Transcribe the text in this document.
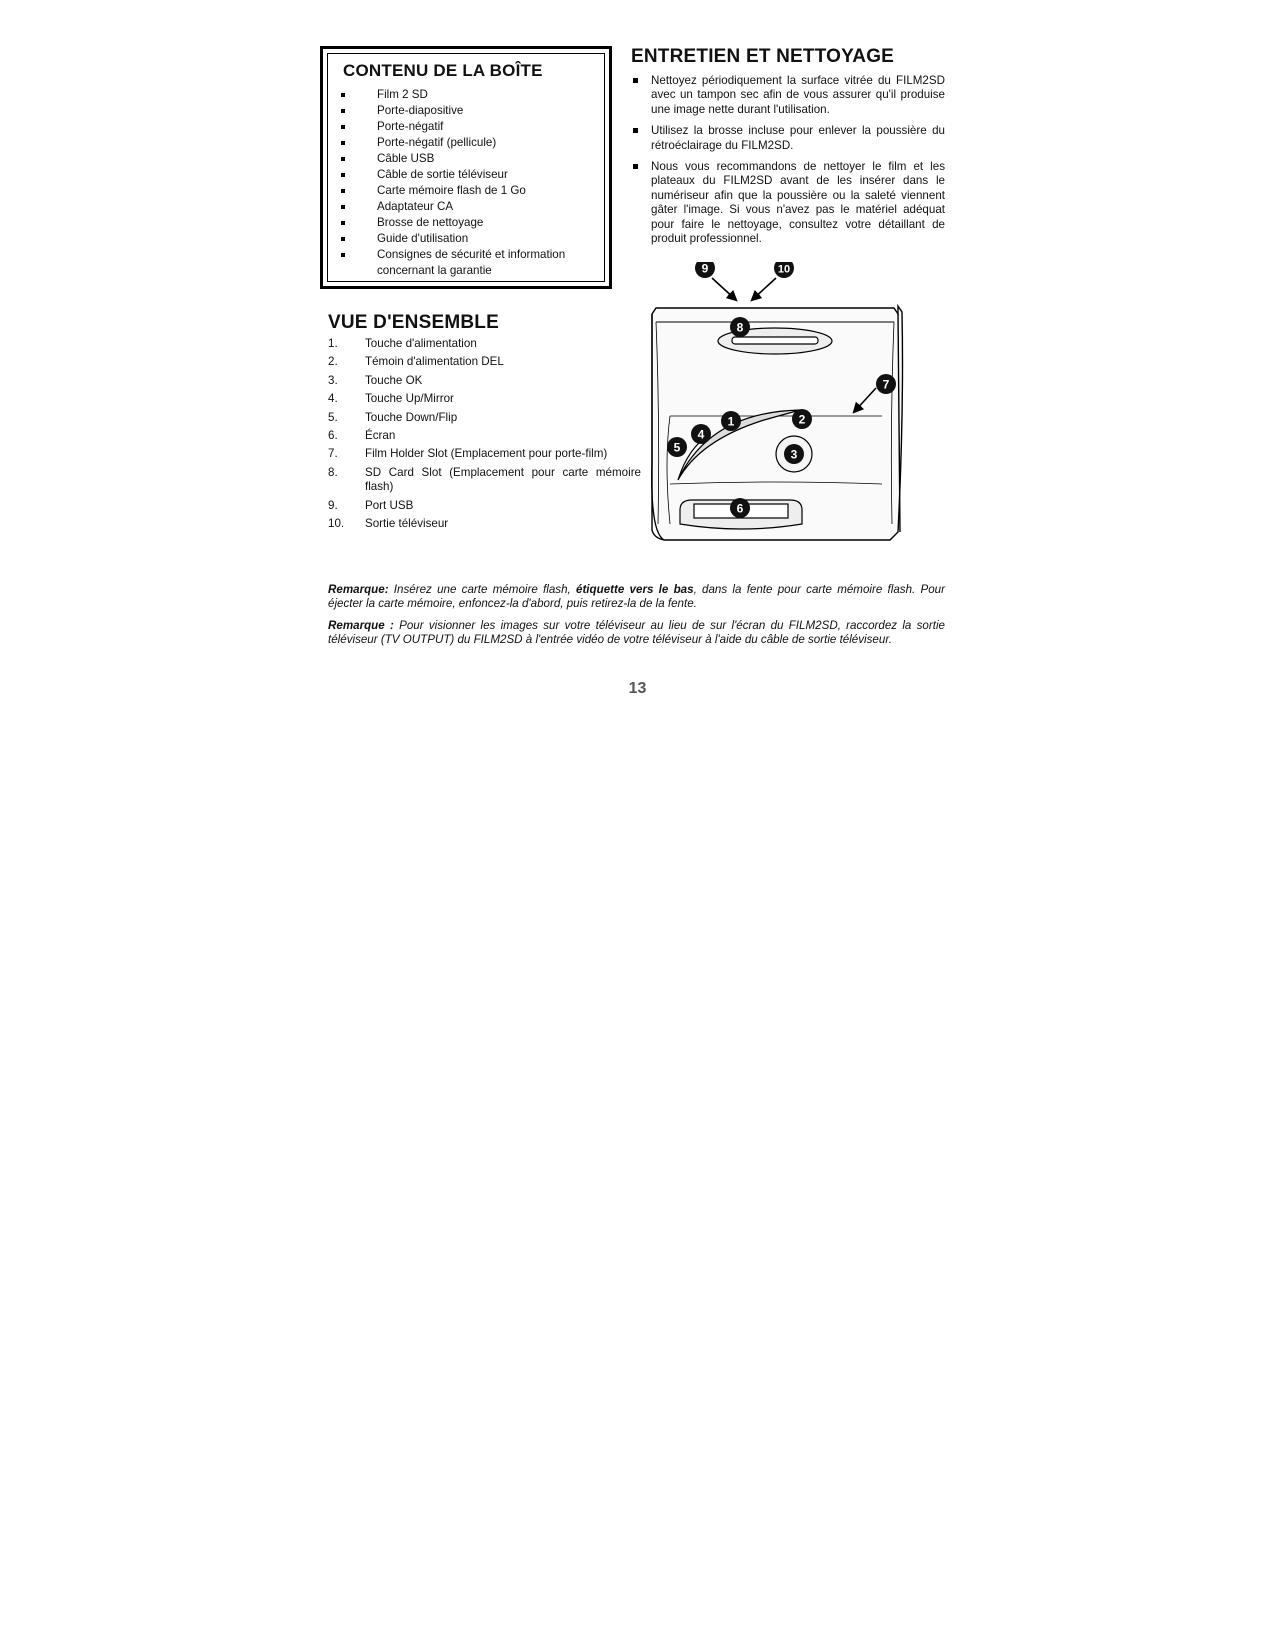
CONTENU DE LA BOÎTE
Film 2 SD
Porte-diapositive
Porte-négatif
Porte-négatif (pellicule)
Câble USB
Câble de sortie téléviseur
Carte mémoire flash de 1 Go
Adaptateur CA
Brosse de nettoyage
Guide d'utilisation
Consignes de sécurité et information concernant la garantie
ENTRETIEN ET NETTOYAGE
Nettoyez périodiquement la surface vitrée du FILM2SD avec un tampon sec afin de vous assurer qu'il produise une image nette durant l'utilisation.
Utilisez la brosse incluse pour enlever la poussière du rétroéclairage du FILM2SD.
Nous vous recommandons de nettoyer le film et les plateaux du FILM2SD avant de les insérer dans le numériseur afin que la poussière ou la saleté viennent gâter l'image. Si vous n'avez pas le matériel adéquat pour faire le nettoyage, consultez votre détaillant de produit professionnel.
VUE D'ENSEMBLE
1.	Touche d'alimentation
2.	Témoin d'alimentation DEL
3.	Touche OK
4.	Touche Up/Mirror
5.	Touche Down/Flip
6.	Écran
7.	Film Holder Slot (Emplacement pour porte-film)
8.	SD Card Slot (Emplacement pour carte mémoire flash)
9.	Port USB
10.	Sortie téléviseur
1	2
3
4
5
6
7
8
9	10

Remarque: Insérez une carte mémoire flash, étiquette vers le bas, dans la fente pour carte mémoire flash. Pour éjecter la carte mémoire, enfoncez-la d'abord, puis retirez-la de la fente.

Remarque : Pour visionner les images sur votre téléviseur au lieu de sur l'écran du FILM2SD, raccordez la sortie téléviseur (TV OUTPUT) du FILM2SD à l'entrée vidéo de votre téléviseur à l'aide du câble de sortie téléviseur.

13
